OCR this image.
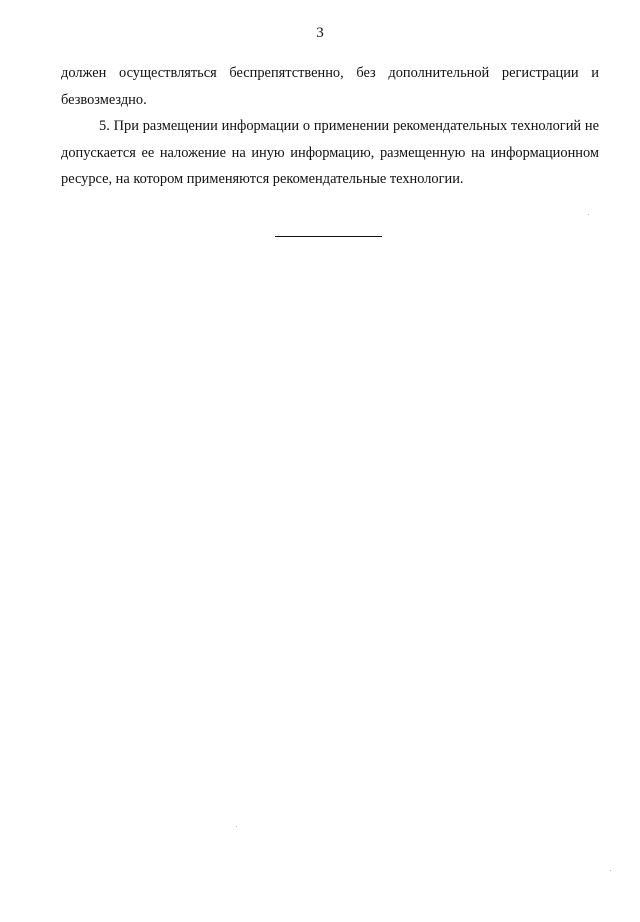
3

должен осуществляться беспрепятственно, без дополнительной регистрации и безвозмездно.

5. При размещении информации о применении рекомендательных технологий не допускается ее наложение на иную информацию, размещенную на информационном ресурсе, на котором применяются рекомендательные технологии.
